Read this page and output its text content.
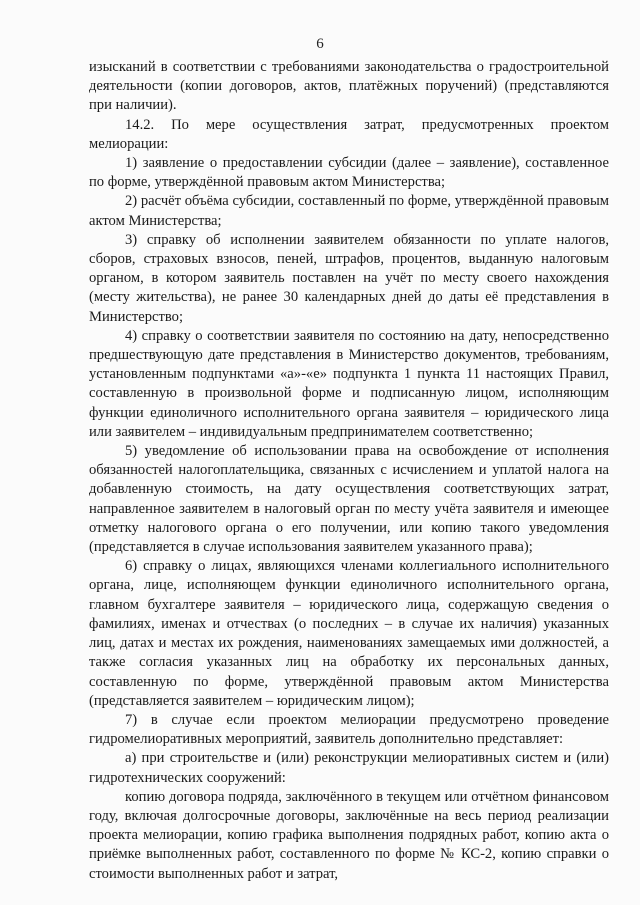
6

изысканий в соответствии с требованиями законодательства о градостроительной деятельности (копии договоров, актов, платёжных поручений) (представляются при наличии).

14.2. По мере осуществления затрат, предусмотренных проектом мелиорации:

1) заявление о предоставлении субсидии (далее – заявление), составленное по форме, утверждённой правовым актом Министерства;

2) расчёт объёма субсидии, составленный по форме, утверждённой правовым актом Министерства;

3) справку об исполнении заявителем обязанности по уплате налогов, сборов, страховых взносов, пеней, штрафов, процентов, выданную налоговым органом, в котором заявитель поставлен на учёт по месту своего нахождения (месту жительства), не ранее 30 календарных дней до даты её представления в Министерство;

4) справку о соответствии заявителя по состоянию на дату, непосредственно предшествующую дате представления в Министерство документов, требованиям, установленным подпунктами «а»-«е» подпункта 1 пункта 11 настоящих Правил, составленную в произвольной форме и подписанную лицом, исполняющим функции единоличного исполнительного органа заявителя – юридического лица или заявителем – индивидуальным предпринимателем соответственно;

5) уведомление об использовании права на освобождение от исполнения обязанностей налогоплательщика, связанных с исчислением и уплатой налога на добавленную стоимость, на дату осуществления соответствующих затрат, направленное заявителем в налоговый орган по месту учёта заявителя и имеющее отметку налогового органа о его получении, или копию такого уведомления (представляется в случае использования заявителем указанного права);

6) справку о лицах, являющихся членами коллегиального исполнительного органа, лице, исполняющем функции единоличного исполнительного органа, главном бухгалтере заявителя – юридического лица, содержащую сведения о фамилиях, именах и отчествах (о последних – в случае их наличия) указанных лиц, датах и местах их рождения, наименованиях замещаемых ими должностей, а также согласия указанных лиц на обработку их персональных данных, составленную по форме, утверждённой правовым актом Министерства (представляется заявителем – юридическим лицом);

7) в случае если проектом мелиорации предусмотрено проведение гидромелиоративных мероприятий, заявитель дополнительно представляет:

а) при строительстве и (или) реконструкции мелиоративных систем и (или) гидротехнических сооружений:

копию договора подряда, заключённого в текущем или отчётном финансовом году, включая долгосрочные договоры, заключённые на весь период реализации проекта мелиорации, копию графика выполнения подрядных работ, копию акта о приёмке выполненных работ, составленного по форме № КС-2, копию справки о стоимости выполненных работ и затрат,
